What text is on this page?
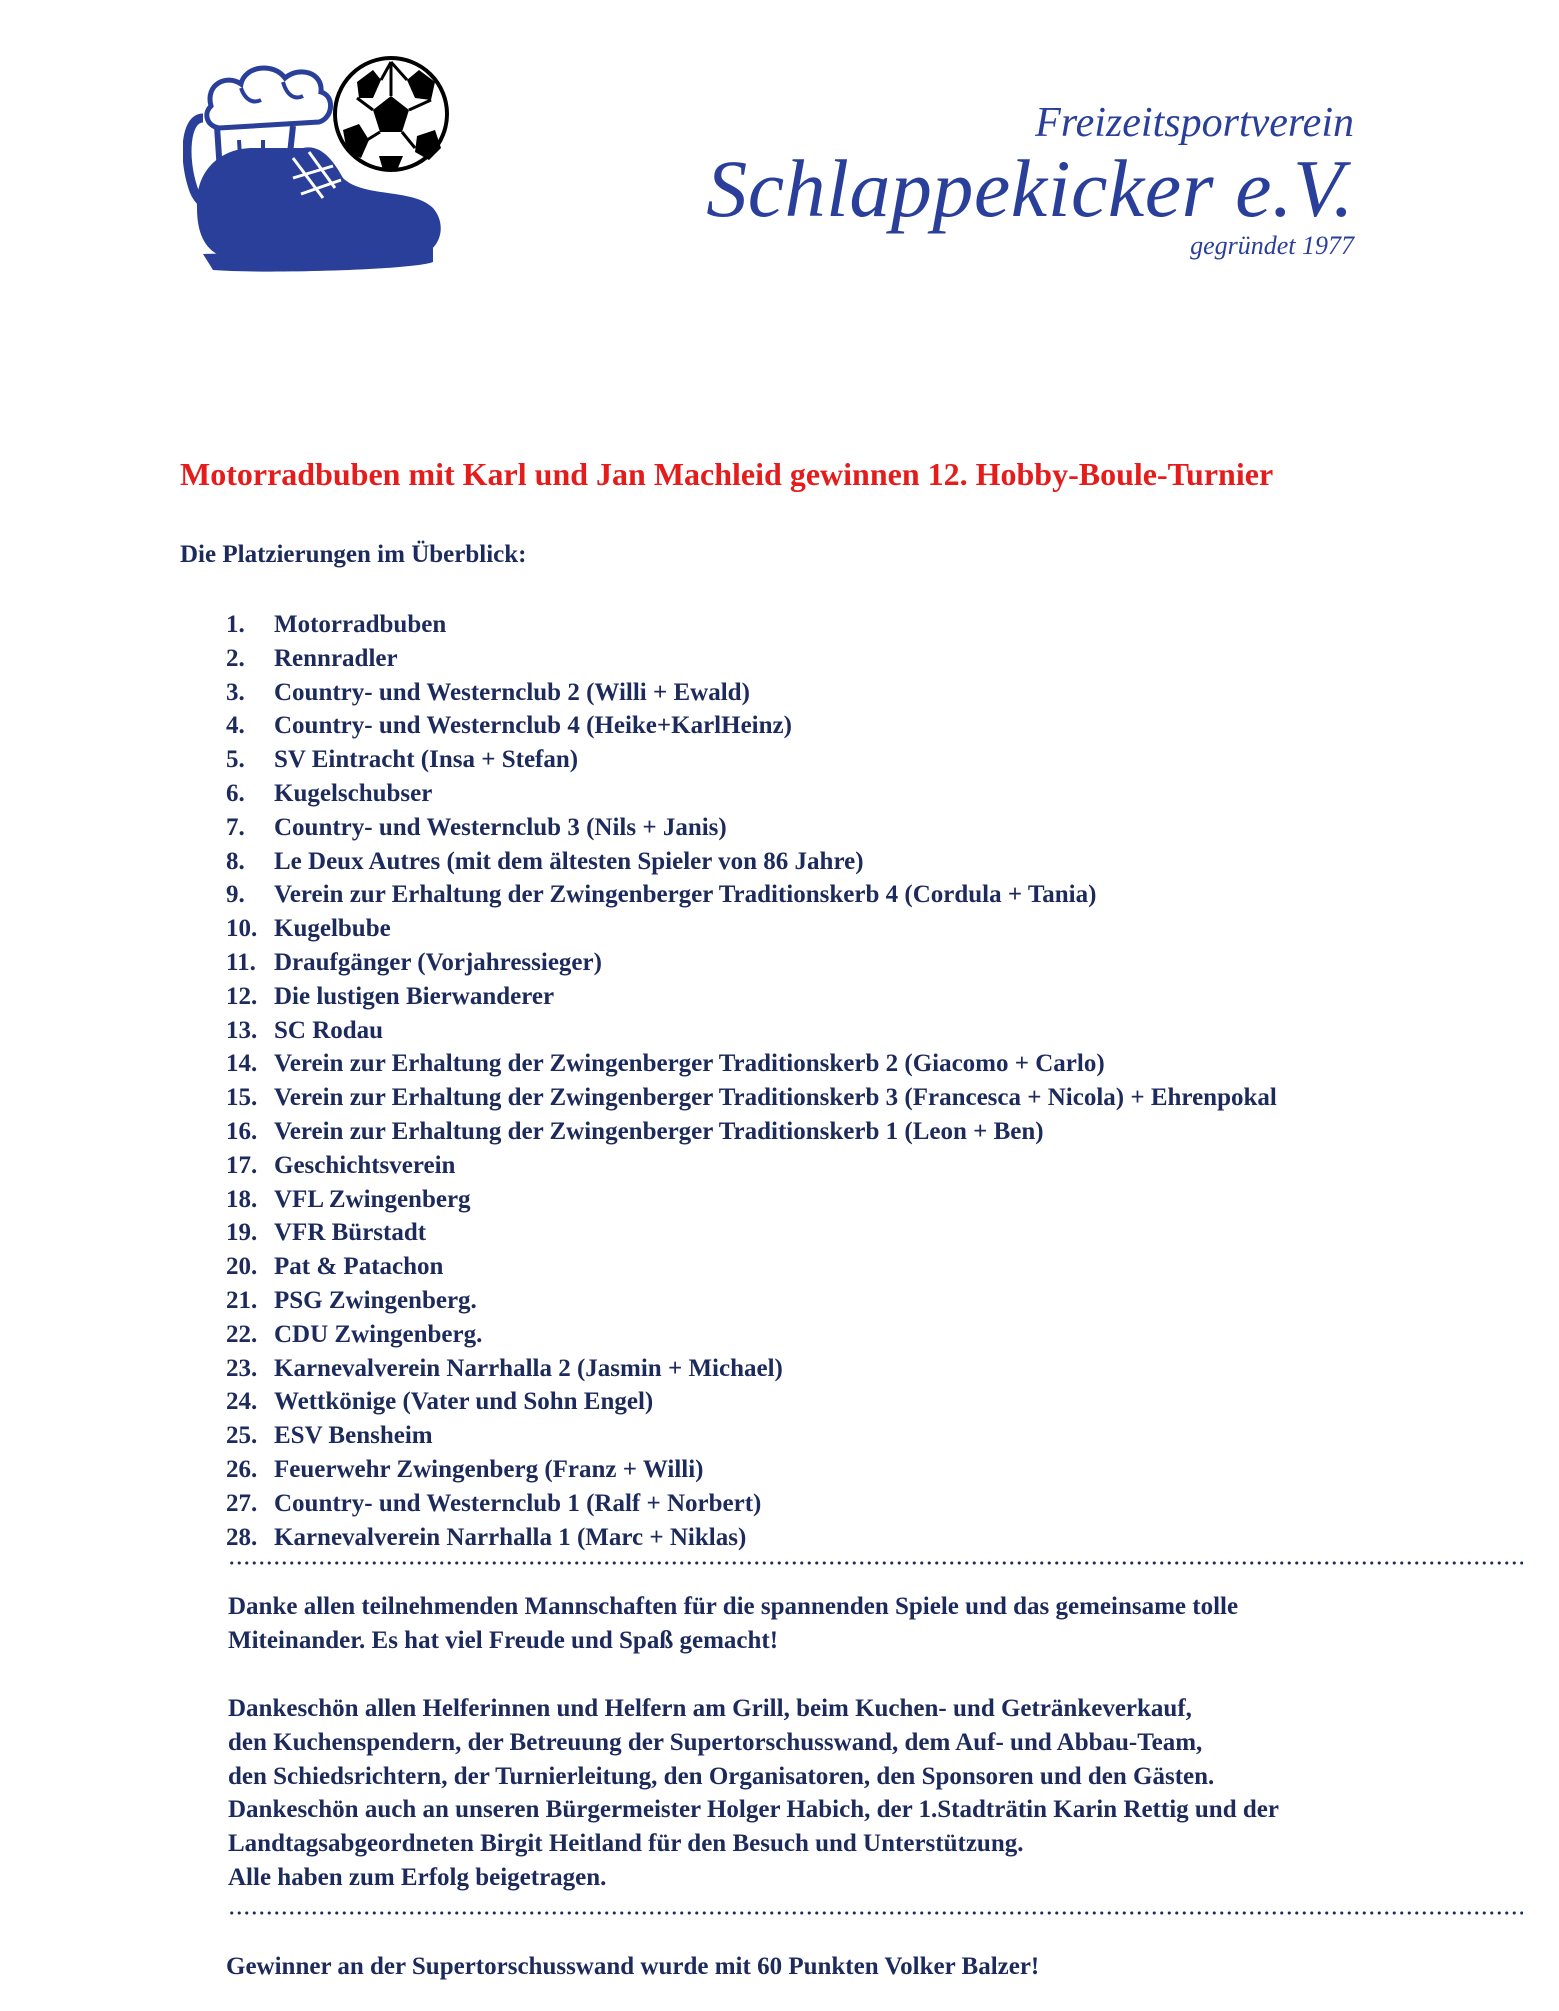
Freizeitsportverein
Schlappekicker e.V.
gegründet 1977
Motorradbuben mit Karl und Jan Machleid gewinnen 12. Hobby-Boule-Turnier
Die Platzierungen im Überblick:
1.	Motorradbuben
2.	Rennradler
3.	Country- und Westernclub 2 (Willi + Ewald)
4.	Country- und Westernclub 4 (Heike+KarlHeinz)
5.	SV Eintracht (Insa + Stefan)
6.	Kugelschubser
7.	Country- und Westernclub 3 (Nils + Janis)
8.	Le Deux Autres (mit dem ältesten Spieler von 86 Jahre)
9.	Verein zur Erhaltung der Zwingenberger Traditionskerb 4 (Cordula + Tania)
10. Kugelbube
11. Draufgänger (Vorjahressieger)
12. Die lustigen Bierwanderer
13. SC Rodau
14. Verein zur Erhaltung der Zwingenberger Traditionskerb 2 (Giacomo + Carlo)
15. Verein zur Erhaltung der Zwingenberger Traditionskerb 3 (Francesca + Nicola) + Ehrenpokal
16. Verein zur Erhaltung der Zwingenberger Traditionskerb 1 (Leon + Ben)
17. Geschichtsverein
18. VFL Zwingenberg
19. VFR Bürstadt
20. Pat & Patachon
21. PSG Zwingenberg.
22. CDU Zwingenberg.
23. Karnevalverein Narrhalla 2 (Jasmin + Michael)
24. Wettkönige (Vater und Sohn Engel)
25. ESV Bensheim
26. Feuerwehr Zwingenberg (Franz + Willi)
27. Country- und Westernclub 1 (Ralf + Norbert)
28. Karnevalverein Narrhalla 1 (Marc + Niklas)
Danke allen teilnehmenden Mannschaften für die spannenden Spiele und das gemeinsame tolle
Miteinander. Es hat viel Freude und Spaß gemacht!
Dankeschön allen Helferinnen und Helfern am Grill, beim Kuchen- und Getränkeverkauf,
den Kuchenspendern, der Betreuung der Supertorschusswand, dem Auf- und Abbau-Team,
den Schiedsrichtern, der Turnierleitung, den Organisatoren, den Sponsoren und den Gästen.
Dankeschön auch an unseren Bürgermeister Holger Habich, der 1.Stadträtin Karin Rettig und der
Landtagsabgeordneten Birgit Heitland für den Besuch und Unterstützung.
Alle haben zum Erfolg beigetragen.

Gewinner an der Supertorschusswand wurde mit 60 Punkten Volker Balzer!
